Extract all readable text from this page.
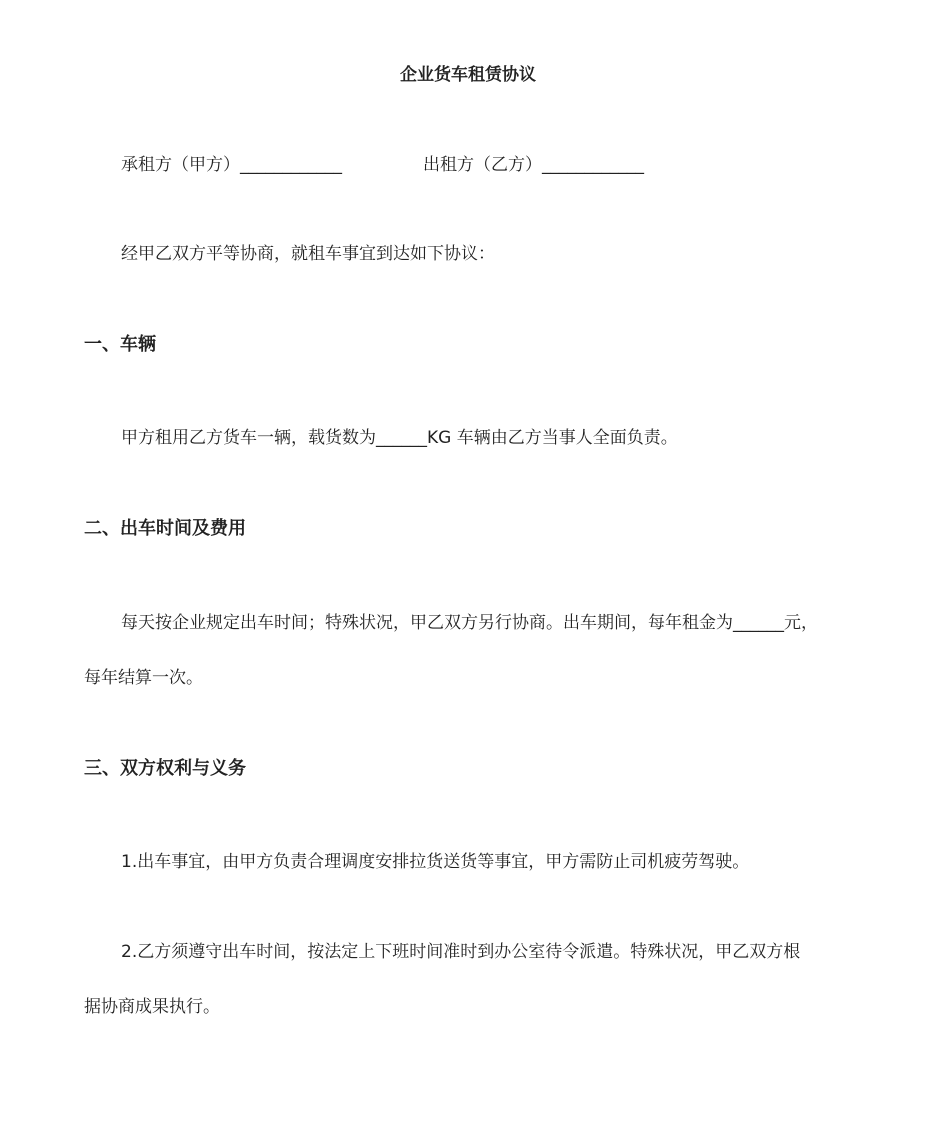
企业货车租赁协议
承租方（甲方）____________	出租方（乙方）____________
经甲乙双方平等协商，就租车事宜到达如下协议：
一、车辆
甲方租用乙方货车一辆，载货数为______KG 车辆由乙方当事人全面负责。
二、出车时间及费用
每天按企业规定出车时间；特殊状况，甲乙双方另行协商。出车期间，每年租金为______元，
每年结算一次。
三、双方权利与义务
1.出车事宜，由甲方负责合理调度安排拉货送货等事宜，甲方需防止司机疲劳驾驶。
2.乙方须遵守出车时间，按法定上下班时间准时到办公室待令派遣。特殊状况，甲乙双方根
据协商成果执行。
